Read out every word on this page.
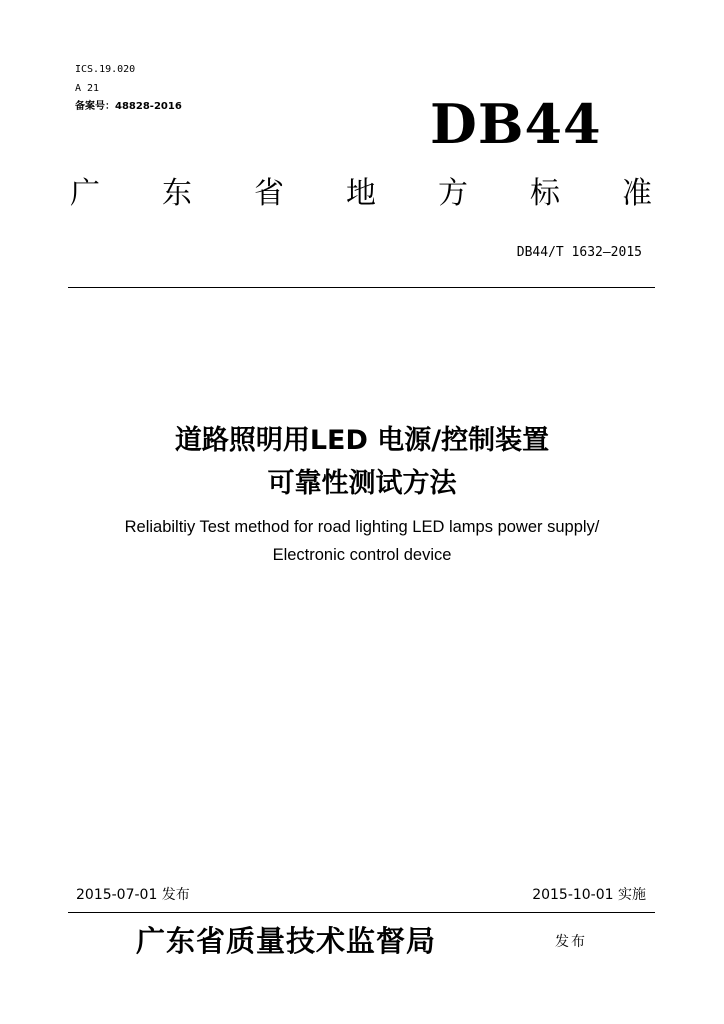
ICS.19.020
A 21
备案号：48828-2016	DB44
广 东 省 地 方 标 准
DB44/T 1632—2015
道路照明用LED 电源/控制装置
可靠性测试方法
Reliabiltiy Test method for road lighting LED lamps power supply/
Electronic control device
2015-07-01 发布	2015-10-01 实施
广东省质量技术监督局	发布
